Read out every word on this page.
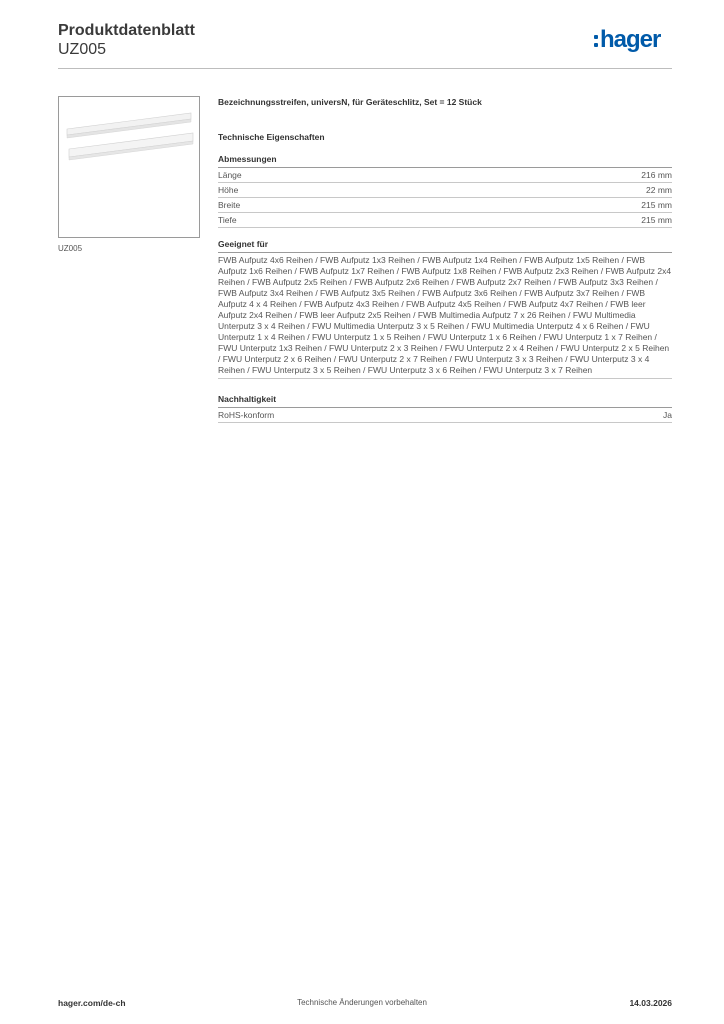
Produktdatenblatt
UZ005	hager
UZ005
Bezeichnungsstreifen, universN, für Geräteschlitz, Set = 12 Stück
Technische Eigenschaften
Abmessungen
Länge	216 mm
Höhe	22 mm
Breite	215 mm
Tiefe	215 mm
Geeignet für
FWB Aufputz 4x6 Reihen / FWB Aufputz 1x3 Reihen / FWB Aufputz 1x4 Reihen / FWB Aufputz 1x5 Reihen / FWB Aufputz 1x6 Reihen / FWB Aufputz 1x7 Reihen / FWB Aufputz 1x8 Reihen / FWB Aufputz 2x3 Reihen / FWB Aufputz 2x4 Reihen / FWB Aufputz 2x5 Reihen / FWB Aufputz 2x6 Reihen / FWB Aufputz 2x7 Reihen / FWB Aufputz 3x3 Reihen / FWB Aufputz 3x4 Reihen / FWB Aufputz 3x5 Reihen / FWB Aufputz 3x6 Reihen / FWB Aufputz 3x7 Reihen / FWB Aufputz 4 x 4 Reihen / FWB Aufputz 4x3 Reihen / FWB Aufputz 4x5 Reihen / FWB Aufputz 4x7 Reihen / FWB leer Aufputz 2x4 Reihen / FWB leer Aufputz 2x5 Reihen / FWB Multimedia Aufputz 7 x 26 Reihen / FWU Multimedia Unterputz 3 x 4 Reihen / FWU Multimedia Unterputz 3 x 5 Reihen / FWU Multimedia Unterputz 4 x 6 Reihen / FWU Unterputz 1 x 4 Reihen / FWU Unterputz 1 x 5 Reihen / FWU Unterputz 1 x 6 Reihen / FWU Unterputz 1 x 7 Reihen / FWU Unterputz 1x3 Reihen / FWU Unterputz 2 x 3 Reihen / FWU Unterputz 2 x 4 Reihen / FWU Unterputz 2 x 5 Reihen / FWU Unterputz 2 x 6 Reihen / FWU Unterputz 2 x 7 Reihen / FWU Unterputz 3 x 3 Reihen / FWU Unterputz 3 x 4 Reihen / FWU Unterputz 3 x 5 Reihen / FWU Unterputz 3 x 6 Reihen / FWU Unterputz 3 x 7 Reihen
Nachhaltigkeit
RoHS-konform	Ja
hager.com/de-ch	Technische Änderungen vorbehalten	14.03.2026
